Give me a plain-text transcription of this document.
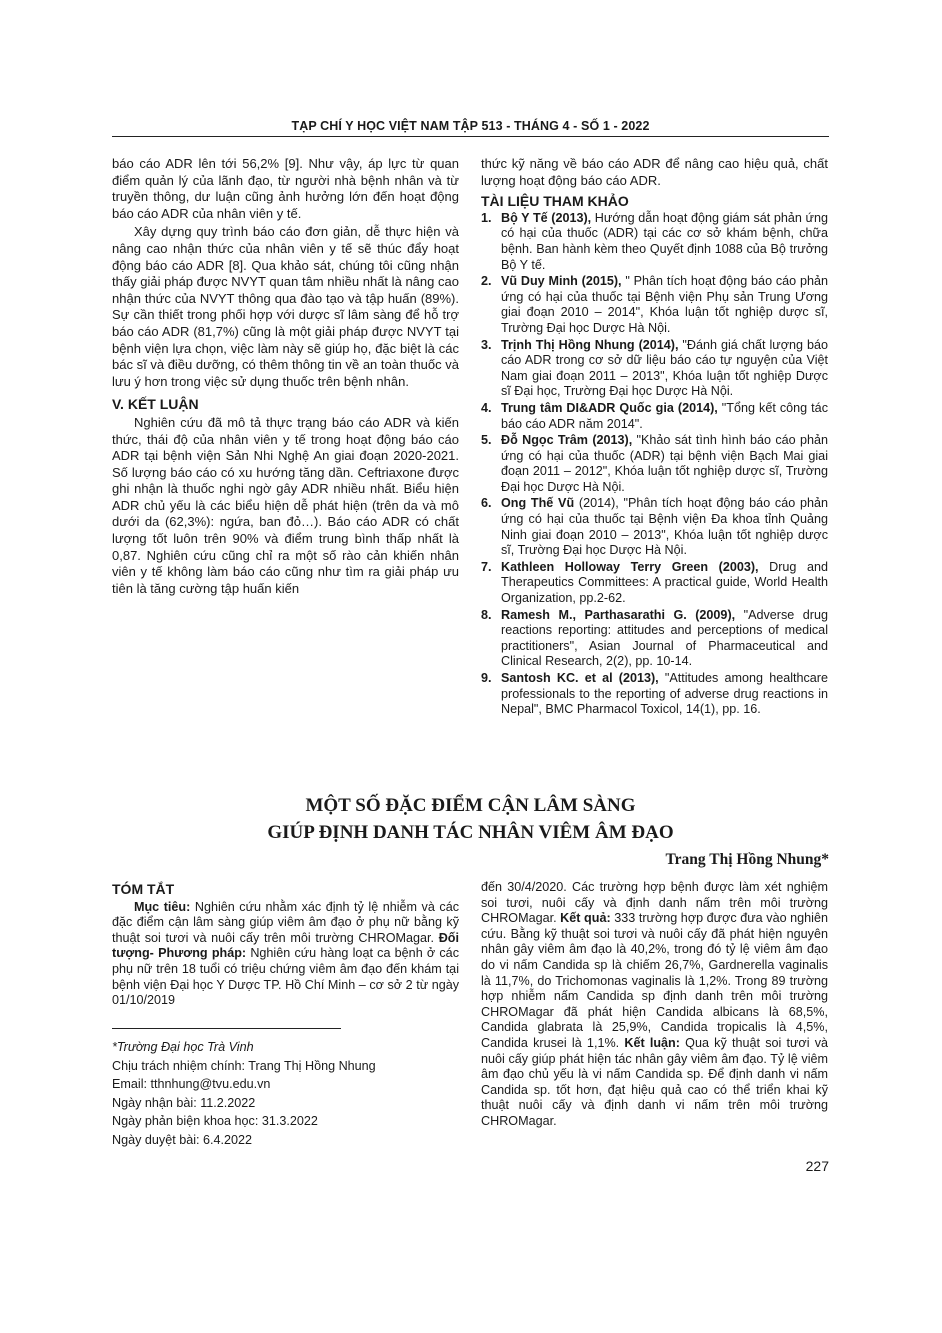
TẠP CHÍ Y HỌC VIỆT NAM TẬP 513 - THÁNG 4 - SỐ 1 - 2022

báo cáo ADR lên tới 56,2% [9]. Như vậy, áp lực từ quan điểm quản lý của lãnh đạo, từ người nhà bệnh nhân và từ truyền thông, dư luận cũng ảnh hưởng lớn đến hoạt động báo cáo ADR của nhân viên y tế.

Xây dựng quy trình báo cáo đơn giản, dễ thực hiện và nâng cao nhận thức của nhân viên y tế sẽ thúc đẩy hoạt động báo cáo ADR [8]. Qua khảo sát, chúng tôi cũng nhận thấy giải pháp được NVYT quan tâm nhiều nhất là nâng cao nhận thức của NVYT thông qua đào tạo và tập huấn (89%). Sự cần thiết trong phối hợp với dược sĩ lâm sàng để hỗ trợ báo cáo ADR (81,7%) cũng là một giải pháp được NVYT tại bệnh viện lựa chọn, việc làm này sẽ giúp họ, đặc biệt là các bác sĩ và điều dưỡng, có thêm thông tin về an toàn thuốc và lưu ý hơn trong việc sử dụng thuốc trên bệnh nhân.

V. KẾT LUẬN

Nghiên cứu đã mô tả thực trạng báo cáo ADR và kiến thức, thái độ của nhân viên y tế trong hoạt động báo cáo ADR tại bệnh viện Sản Nhi Nghệ An giai đoạn 2020-2021. Số lượng báo cáo có xu hướng tăng dần. Ceftriaxone được ghi nhận là thuốc nghi ngờ gây ADR nhiều nhất. Biểu hiện ADR chủ yếu là các biểu hiện dễ phát hiện (trên da và mô dưới da (62,3%): ngứa, ban đỏ…). Báo cáo ADR có chất lượng tốt luôn trên 90% và điểm trung bình thấp nhất là 0,87. Nghiên cứu cũng chỉ ra một số rào cản khiến nhân viên y tế không làm báo cáo cũng như tìm ra giải pháp ưu tiên là tăng cường tập huấn kiến

thức kỹ năng về báo cáo ADR để nâng cao hiệu quả, chất lượng hoạt động báo cáo ADR.

TÀI LIỆU THAM KHẢO
1. Bộ Y Tế (2013), Hướng dẫn hoạt động giám sát phản ứng có hại của thuốc (ADR) tại các cơ sở khám bệnh, chữa bệnh. Ban hành kèm theo Quyết định 1088 của Bộ trưởng Bộ Y tế.
2. Vũ Duy Minh (2015), " Phân tích hoạt động báo cáo phản ứng có hại của thuốc tại Bệnh viện Phụ sản Trung Ương giai đoạn 2010 – 2014", Khóa luận tốt nghiệp dược sĩ, Trường Đại học Dược Hà Nội.
3. Trịnh Thị Hồng Nhung (2014), "Đánh giá chất lượng báo cáo ADR trong cơ sở dữ liệu báo cáo tự nguyện của Việt Nam giai đoạn 2011 – 2013", Khóa luận tốt nghiệp Dược sĩ Đại học, Trường Đại học Dược Hà Nội.
4. Trung tâm DI&ADR Quốc gia (2014), "Tổng kết công tác báo cáo ADR năm 2014".
5. Đỗ Ngọc Trâm (2013), "Khảo sát tình hình báo cáo phản ứng có hại của thuốc (ADR) tại bệnh viện Bạch Mai giai đoạn 2011 – 2012", Khóa luận tốt nghiệp dược sĩ, Trường Đại học Dược Hà Nội.
6. Ong Thế Vũ (2014), "Phân tích hoạt động báo cáo phản ứng có hại của thuốc tại Bệnh viện Đa khoa tỉnh Quảng Ninh giai đoạn 2010 – 2013", Khóa luận tốt nghiệp dược sĩ, Trường Đại học Dược Hà Nội.
7. Kathleen Holloway Terry Green (2003), Drug and Therapeutics Committees: A practical guide, World Health Organization, pp.2-62.
8. Ramesh M., Parthasarathi G. (2009), "Adverse drug reactions reporting: attitudes and perceptions of medical practitioners", Asian Journal of Pharmaceutical and Clinical Research, 2(2), pp. 10-14.
9. Santosh KC. et al (2013), "Attitudes among healthcare professionals to the reporting of adverse drug reactions in Nepal", BMC Pharmacol Toxicol, 14(1), pp. 16.
MỘT SỐ ĐẶC ĐIỂM CẬN LÂM SÀNG
GIÚP ĐỊNH DANH TÁC NHÂN VIÊM ÂM ĐẠO
Trang Thị Hồng Nhung*
TÓM TẮT

Mục tiêu: Nghiên cứu nhằm xác định tỷ lệ nhiễm và các đặc điểm cận lâm sàng giúp viêm âm đạo ở phụ nữ bằng kỹ thuật soi tươi và nuôi cấy trên môi trường CHROMagar. Đối tượng- Phương pháp: Nghiên cứu hàng loạt ca bệnh ở các phụ nữ trên 18 tuổi có triệu chứng viêm âm đạo đến khám tại bệnh viện Đại học Y Dược TP. Hồ Chí Minh – cơ sở 2 từ ngày 01/10/2019

*Trường Đại học Trà Vinh
Chịu trách nhiệm chính: Trang Thị Hồng Nhung
Email: tthnhung@tvu.edu.vn
Ngày nhận bài: 11.2.2022
Ngày phản biện khoa học: 31.3.2022
Ngày duyệt bài: 6.4.2022

đến 30/4/2020. Các trường hợp bệnh được làm xét nghiệm soi tươi, nuôi cấy và định danh nấm trên môi trường CHROMagar. Kết quả: 333 trường hợp được đưa vào nghiên cứu. Bằng kỹ thuật soi tươi và nuôi cấy đã phát hiện nguyên nhân gây viêm âm đạo là 40,2%, trong đó tỷ lệ viêm âm đạo do vi nấm Candida sp là chiếm 26,7%, Gardnerella vaginalis là 11,7%, do Trichomonas vaginalis là 1,2%. Trong 89 trường hợp nhiễm nấm Candida sp định danh trên môi trường CHROMagar đã phát hiện Candida albicans là 68,5%, Candida glabrata là 25,9%, Candida tropicalis là 4,5%, Candida krusei là 1,1%. Kết luận: Qua kỹ thuật soi tươi và nuôi cấy giúp phát hiện tác nhân gây viêm âm đạo. Tỷ lệ viêm âm đạo chủ yếu là vi nấm Candida sp. Để định danh vi nấm Candida sp. tốt hơn, đạt hiệu quả cao có thể triển khai kỹ thuật nuôi cấy và định danh vi nấm trên môi trường CHROMagar.

227
